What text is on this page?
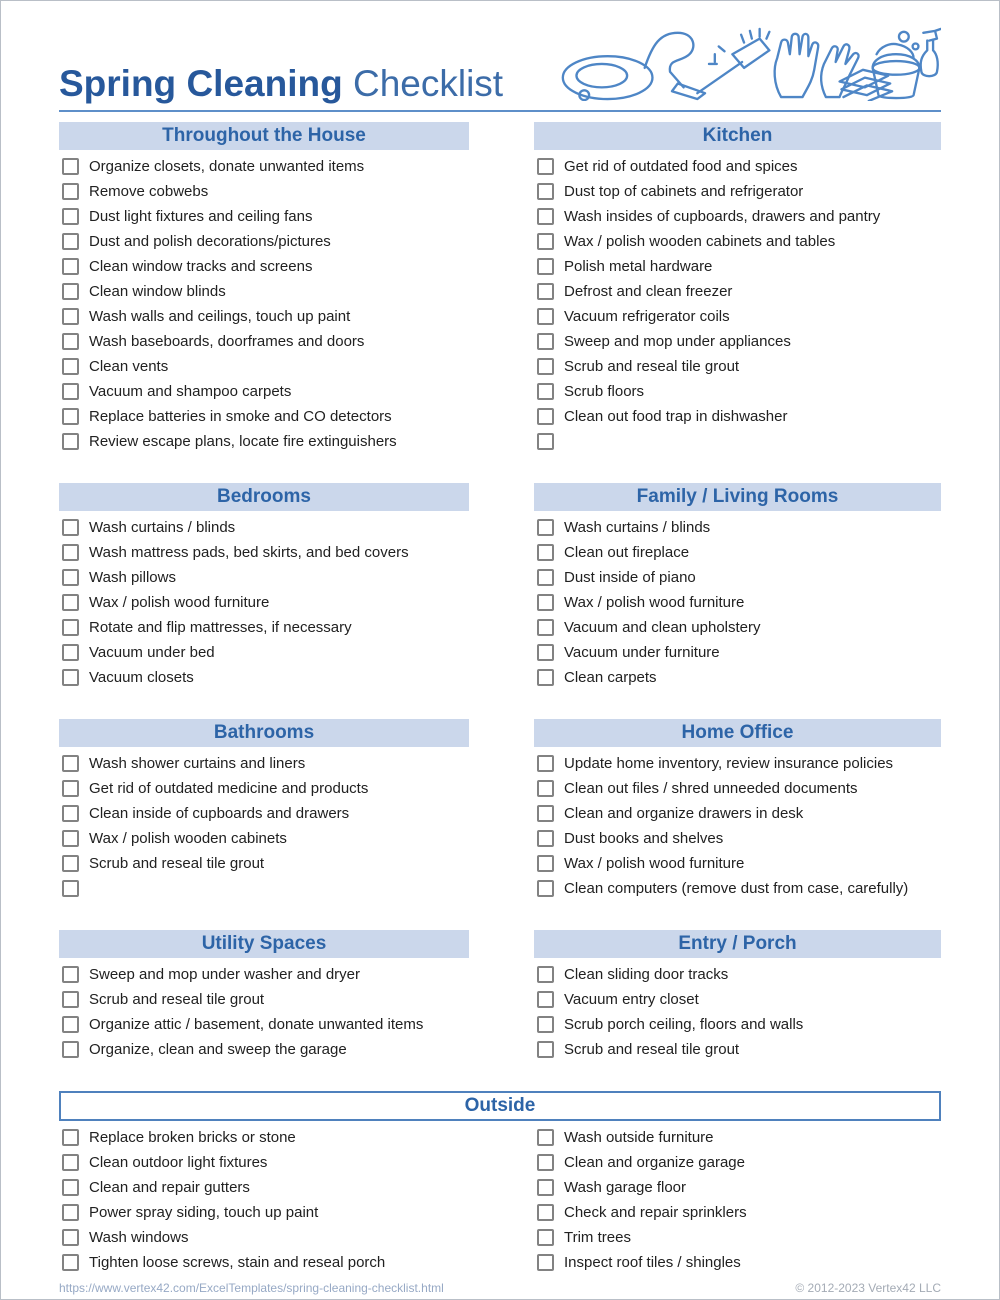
Spring Cleaning Checklist
Throughout the House
Organize closets, donate unwanted items
Remove cobwebs
Dust light fixtures and ceiling fans
Dust and polish decorations/pictures
Clean window tracks and screens
Clean window blinds
Wash walls and ceilings, touch up paint
Wash baseboards, doorframes and doors
Clean vents
Vacuum and shampoo carpets
Replace batteries in smoke and CO detectors
Review escape plans, locate fire extinguishers
Bedrooms
Wash curtains / blinds
Wash mattress pads, bed skirts, and bed covers
Wash pillows
Wax / polish wood furniture
Rotate and flip mattresses, if necessary
Vacuum under bed
Vacuum closets
Bathrooms
Wash shower curtains and liners
Get rid of outdated medicine and products
Clean inside of cupboards and drawers
Wax / polish wooden cabinets
Scrub and reseal tile grout
Utility Spaces
Sweep and mop under washer and dryer
Scrub and reseal tile grout
Organize attic / basement, donate unwanted items
Organize, clean and sweep the garage
Kitchen
Get rid of outdated food and spices
Dust top of cabinets and refrigerator
Wash insides of cupboards, drawers and pantry
Wax / polish wooden cabinets and tables
Polish metal hardware
Defrost and clean freezer
Vacuum refrigerator coils
Sweep and mop under appliances
Scrub and reseal tile grout
Scrub floors
Clean out food trap in dishwasher
Family / Living Rooms
Wash curtains / blinds
Clean out fireplace
Dust inside of piano
Wax / polish wood furniture
Vacuum and clean upholstery
Vacuum under furniture
Clean carpets
Home Office
Update home inventory, review insurance policies
Clean out files / shred unneeded documents
Clean and organize drawers in desk
Dust books and shelves
Wax / polish wood furniture
Clean computers (remove dust from case, carefully)
Entry / Porch
Clean sliding door tracks
Vacuum entry closet
Scrub porch ceiling, floors and walls
Scrub and reseal tile grout
Outside
Replace broken bricks or stone
Clean outdoor light fixtures
Clean and repair gutters
Power spray siding, touch up paint
Wash windows
Tighten loose screws, stain and reseal porch
Wash outside furniture
Clean and organize garage
Wash garage floor
Check and repair sprinklers
Trim trees
Inspect roof tiles / shingles
https://www.vertex42.com/ExcelTemplates/spring-cleaning-checklist.html	© 2012-2023 Vertex42 LLC
